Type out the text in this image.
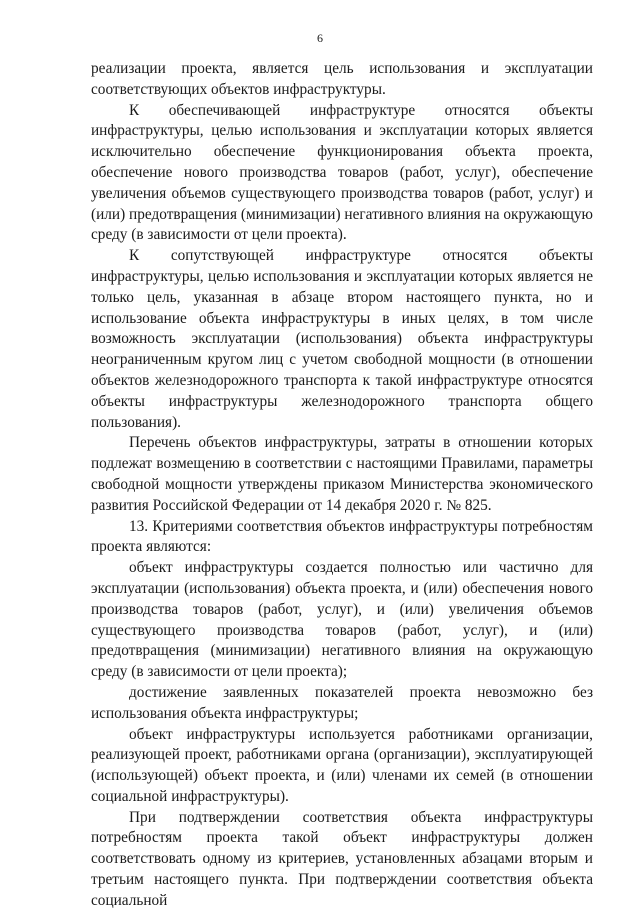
6

реализации проекта, является цель использования и эксплуатации соответствующих объектов инфраструктуры.

К обеспечивающей инфраструктуре относятся объекты инфраструктуры, целью использования и эксплуатации которых является исключительно обеспечение функционирования объекта проекта, обеспечение нового производства товаров (работ, услуг), обеспечение увеличения объемов существующего производства товаров (работ, услуг) и (или) предотвращения (минимизации) негативного влияния на окружающую среду (в зависимости от цели проекта).

К сопутствующей инфраструктуре относятся объекты инфраструктуры, целью использования и эксплуатации которых является не только цель, указанная в абзаце втором настоящего пункта, но и использование объекта инфраструктуры в иных целях, в том числе возможность эксплуатации (использования) объекта инфраструктуры неограниченным кругом лиц с учетом свободной мощности (в отношении объектов железнодорожного транспорта к такой инфраструктуре относятся объекты инфраструктуры железнодорожного транспорта общего пользования).

Перечень объектов инфраструктуры, затраты в отношении которых подлежат возмещению в соответствии с настоящими Правилами, параметры свободной мощности утверждены приказом Министерства экономического развития Российской Федерации от 14 декабря 2020 г. № 825.

13. Критериями соответствия объектов инфраструктуры потребностям проекта являются:

объект инфраструктуры создается полностью или частично для эксплуатации (использования) объекта проекта, и (или) обеспечения нового производства товаров (работ, услуг), и (или) увеличения объемов существующего производства товаров (работ, услуг), и (или) предотвращения (минимизации) негативного влияния на окружающую среду (в зависимости от цели проекта);

достижение заявленных показателей проекта невозможно без использования объекта инфраструктуры;

объект инфраструктуры используется работниками организации, реализующей проект, работниками органа (организации), эксплуатирующей (использующей) объект проекта, и (или) членами их семей (в отношении социальной инфраструктуры).

При подтверждении соответствия объекта инфраструктуры потребностям проекта такой объект инфраструктуры должен соответствовать одному из критериев, установленных абзацами вторым и третьим настоящего пункта. При подтверждении соответствия объекта социальной
